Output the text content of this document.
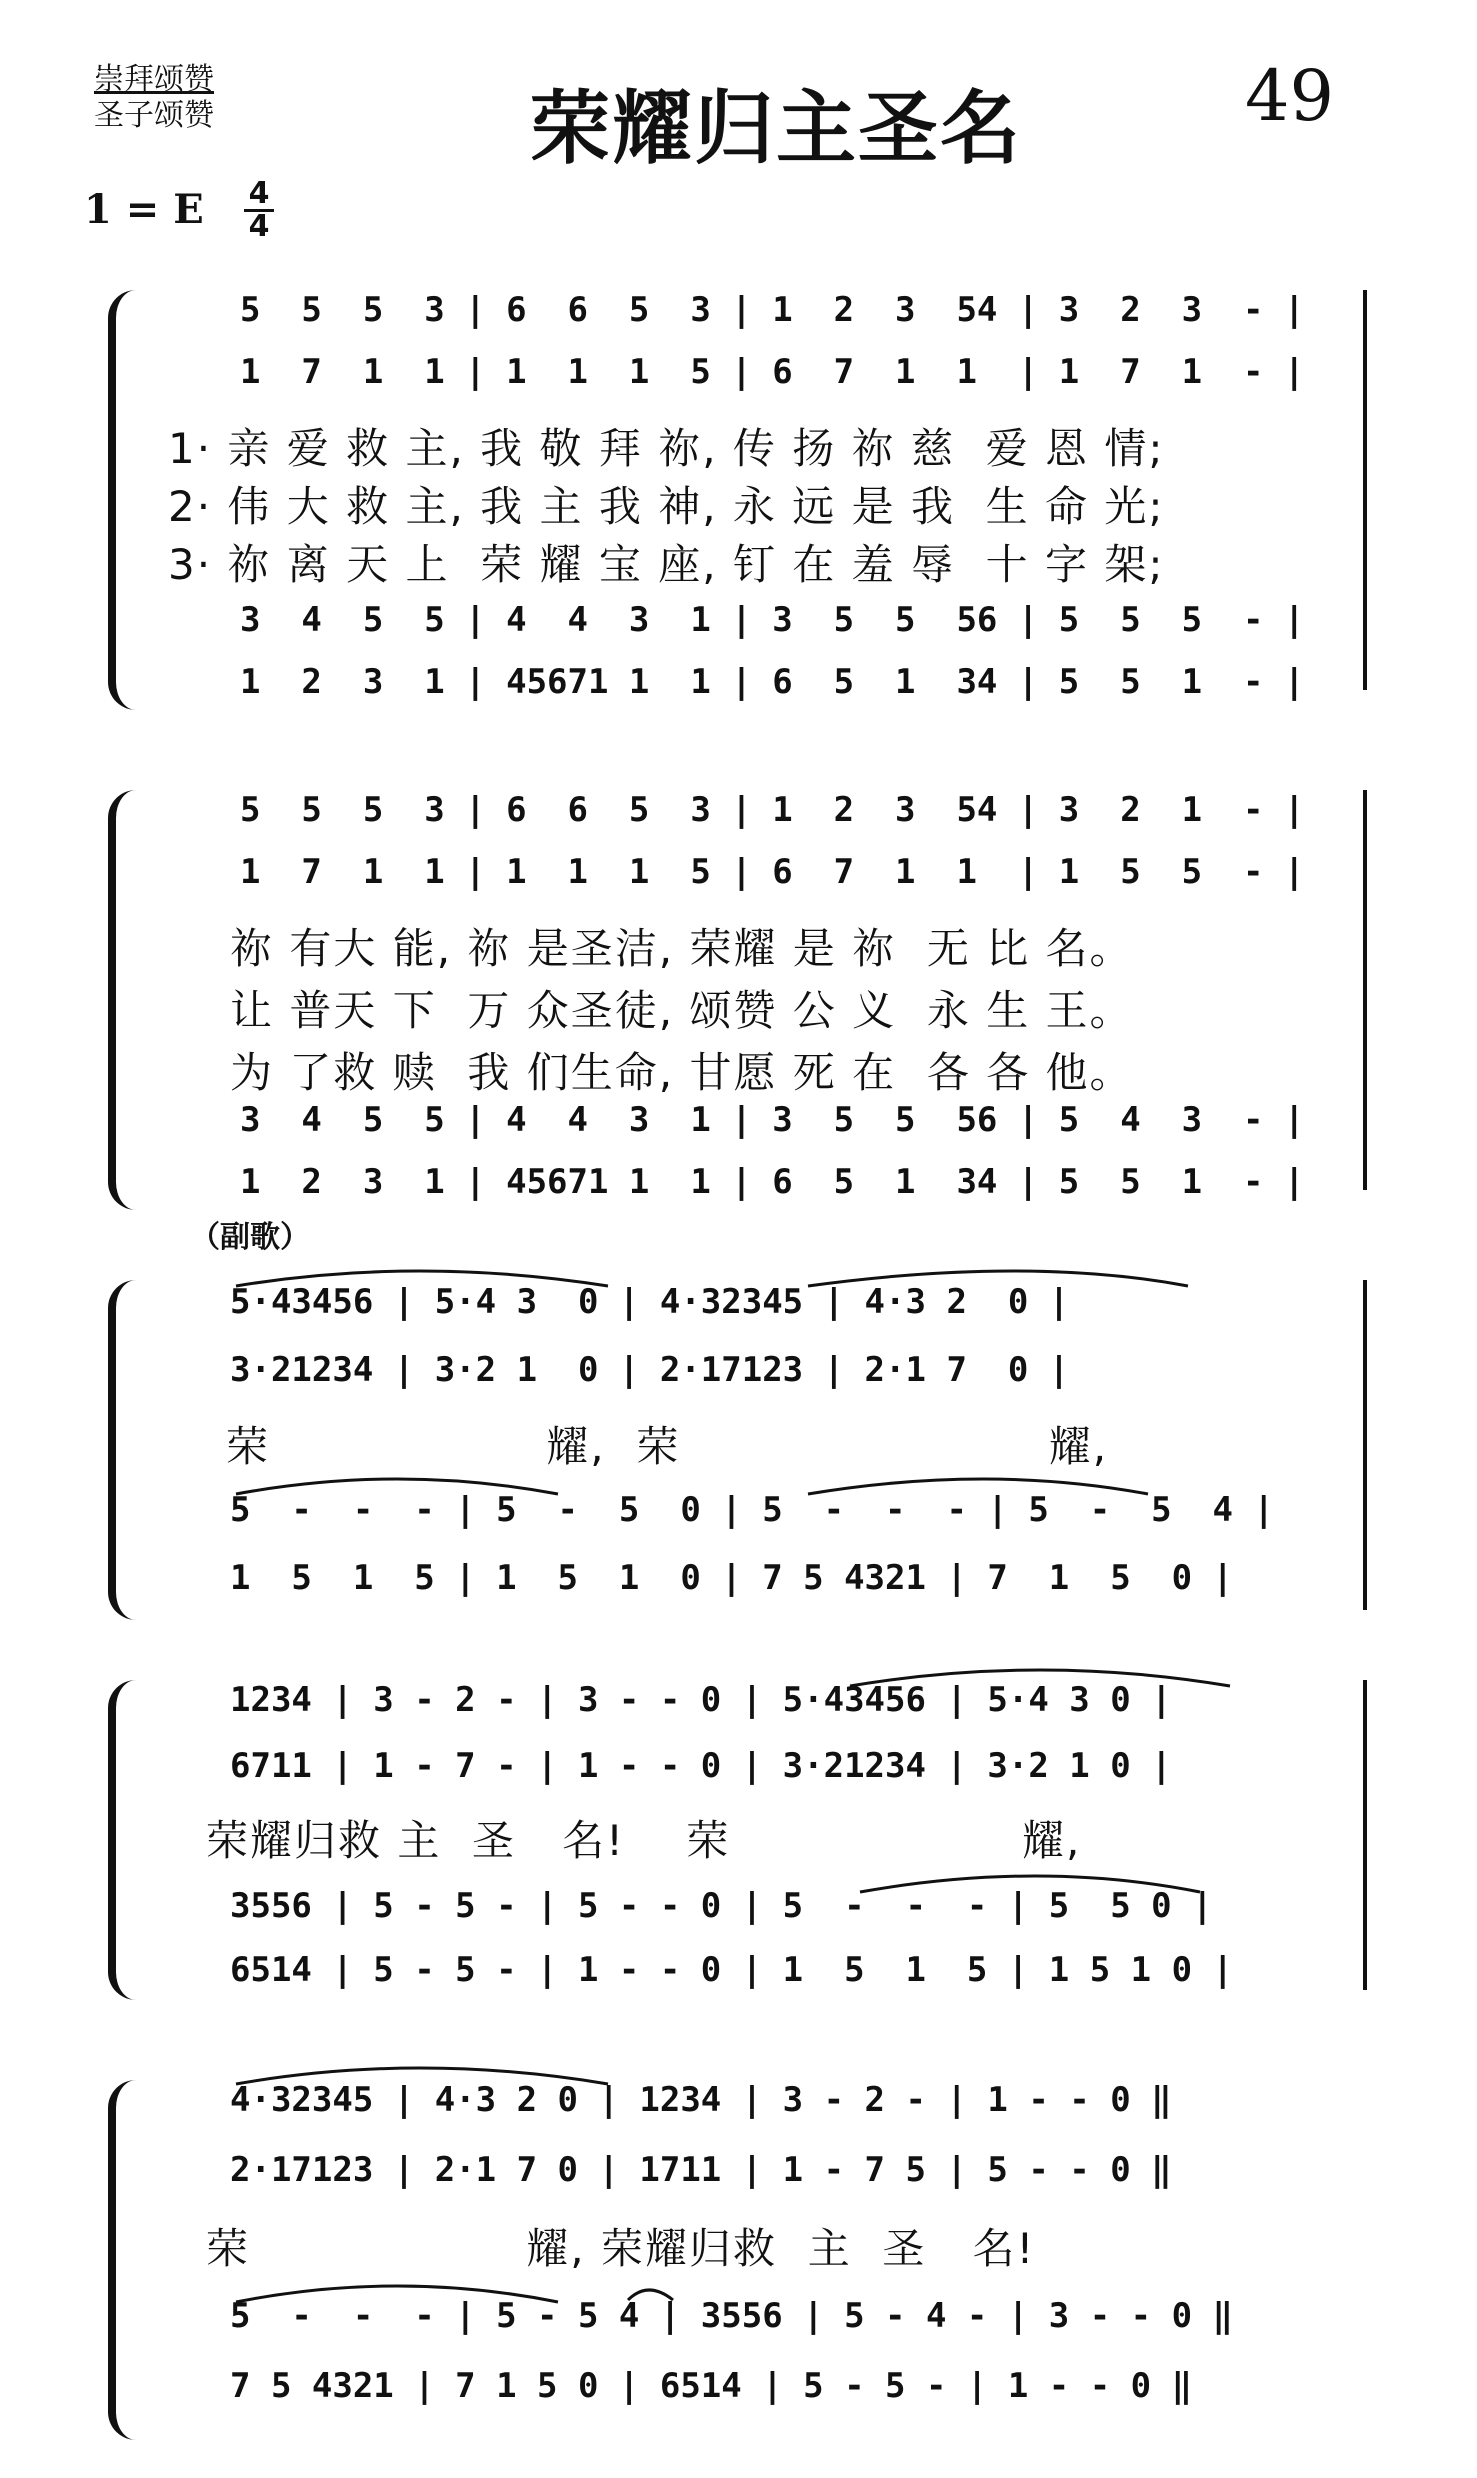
崇拜颂赞
圣子颂赞	荣耀归主圣名	49
1 = E 4
4
5  5  5  3 | 6  6  5  3 | 1  2  3  54 | 3  2  3  - |
1  7  1  1 | 1  1  1  5 | 6  7  1  1  | 1  7  1  - |
1· 亲 爱 救 主, 我 敬 拜 祢, 传 扬 祢 慈  爱 恩 情;
2· 伟 大 救 主, 我 主 我 神, 永 远 是 我  生 命 光;
3· 祢 离 天 上  荣 耀 宝 座, 钉 在 羞 辱  十 字 架;
3  4  5  5 | 4  4  3  1 | 3  5  5  56 | 5  5  5  - |
1  2  3  1 | 45671 1  1 | 6  5  1  34 | 5  5  1  - |
5  5  5  3 | 6  6  5  3 | 1  2  3  54 | 3  2  1  - |
1  7  1  1 | 1  1  1  5 | 6  7  1  1  | 1  5  5  - |
祢 有大 能, 祢 是圣洁, 荣耀 是 祢  无 比 名。
让 普天 下  万 众圣徒, 颂赞 公 义  永 生 王。
为 了救 赎  我 们生命, 甘愿 死 在  各 各 他。
3  4  5  5 | 4  4  3  1 | 3  5  5  56 | 5  4  3  - |
1  2  3  1 | 45671 1  1 | 6  5  1  34 | 5  5  1  - |
（副歌）
5·43456 | 5·4 3  0 | 4·32345 | 4·3 2  0 |
3·21234 | 3·2 1  0 | 2·17123 | 2·1 7  0 |
荣                  耀,  荣                        耀,
5  -  -  - | 5  -  5  0 | 5  -  -  - | 5  -  5  4 |
1  5  1  5 | 1  5  1  0 | 7 5 4321 | 7  1  5  0 |
1234 | 3 - 2 - | 3 - - 0 | 5·43456 | 5·4 3 0 |
6711 | 1 - 7 - | 1 - - 0 | 3·21234 | 3·2 1 0 |
荣耀归救 主  圣   名!    荣                   耀,
3556 | 5 - 5 - | 5 - - 0 | 5  -  -  - | 5  5 0 |
6514 | 5 - 5 - | 1 - - 0 | 1  5  1  5 | 1 5 1 0 |
4·32345 | 4·3 2 0 | 1234 | 3 - 2 - | 1 - - 0 ‖
2·17123 | 2·1 7 0 | 1711 | 1 - 7 5 | 5 - - 0 ‖
荣                  耀, 荣耀归救  主  圣   名!
5  -  -  - | 5 - 5 4 | 3556 | 5 - 4 - | 3 - - 0 ‖
7 5 4321 | 7 1 5 0 | 6514 | 5 - 5 - | 1 - - 0 ‖
